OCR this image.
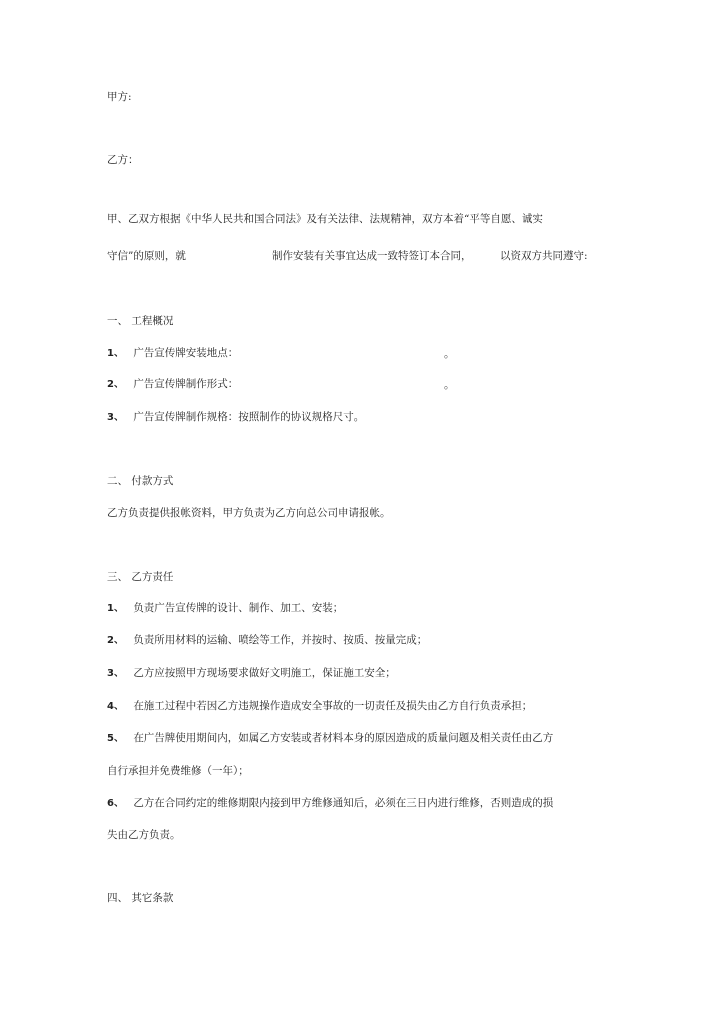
甲方:
乙方：
甲、乙双方根据《中华人民共和国合同法》及有关法律、法规精神，双方本着“平等自愿、诚实
守信”的原则，就	制作安装有关事宜达成一致特签订本合同，	以资双方共同遵守:
一、 工程概况
1、 广告宣传牌安装地点：	。
2、 广告宣传牌制作形式：	。
3、 广告宣传牌制作规格：按照制作的协议规格尺寸。
二、 付款方式
乙方负责提供报帐资料，甲方负责为乙方向总公司申请报帐。
三、 乙方责任
1、 负责广告宣传牌的设计、制作、加工、安装；
2、 负责所用材料的运输、喷绘等工作，并按时、按质、按量完成；
3、 乙方应按照甲方现场要求做好文明施工，保证施工安全；
4、 在施工过程中若因乙方违规操作造成安全事故的一切责任及损失由乙方自行负责承担；
5、 在广告牌使用期间内，如属乙方安装或者材料本身的原因造成的质量问题及相关责任由乙方
自行承担并免费维修（一年）；
6、 乙方在合同约定的维修期限内接到甲方维修通知后，必须在三日内进行维修，否则造成的损
失由乙方负责。
四、 其它条款
